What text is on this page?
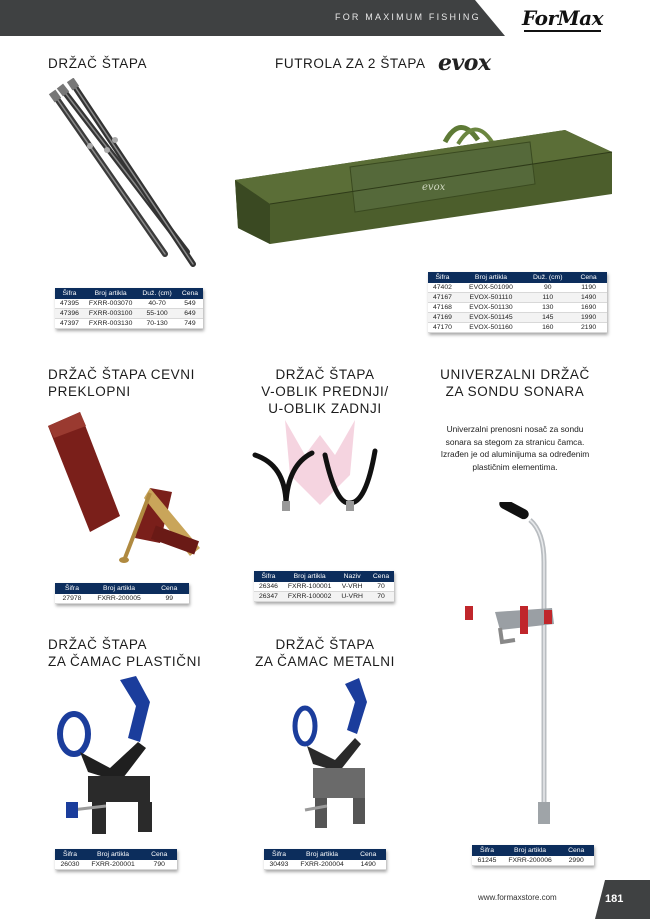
FOR MAXIMUM FISHING ForMax
DRŽAČ ŠTAPA
Šifra	Broj artikla	Duž. (cm)	Cena
47395	FXRR-003070	40-70	549
47396	FXRR-003100	55-100	649
47397	FXRR-003130	70-130	749
FUTROLA ZA 2 ŠTAPA evox
evox
Šifra	Broj artikla	Duž. (cm)	Cena
47402	EVOX-501090	90	1190
47167	EVOX-501110	110	1490
47168	EVOX-501130	130	1690
47169	EVOX-501145	145	1990
47170	EVOX-501160	160	2190
DRŽAČ ŠTAPA CEVNI
PREKLOPNI
Šifra	Broj artikla	Cena
27978	FXRR-200005	99
DRŽAČ ŠTAPA
V-OBLIK PREDNJI/
U-OBLIK ZADNJI
Šifra	Broj artikla	Naziv	Cena
26346	FXRR-100001	V-VRH	70
26347	FXRR-100002	U-VRH	70
UNIVERZALNI DRŽAČ
ZA SONDU SONARA
Univerzalni prenosni nosač za sondu sonara sa stegom za stranicu čamca. Izrađen je od aluminijuma sa određenim plastičnim elementima.
Šifra	Broj artikla	Cena
61245	FXRR-200006	2990
DRŽAČ ŠTAPA
ZA ČAMAC PLASTIČNI
Šifra	Broj artikla	Cena
26030	FXRR-200001	790
DRŽAČ ŠTAPA
ZA ČAMAC METALNI
Šifra	Broj artikla	Cena
30493	FXRR-200004	1490
www.formaxstore.com	181
